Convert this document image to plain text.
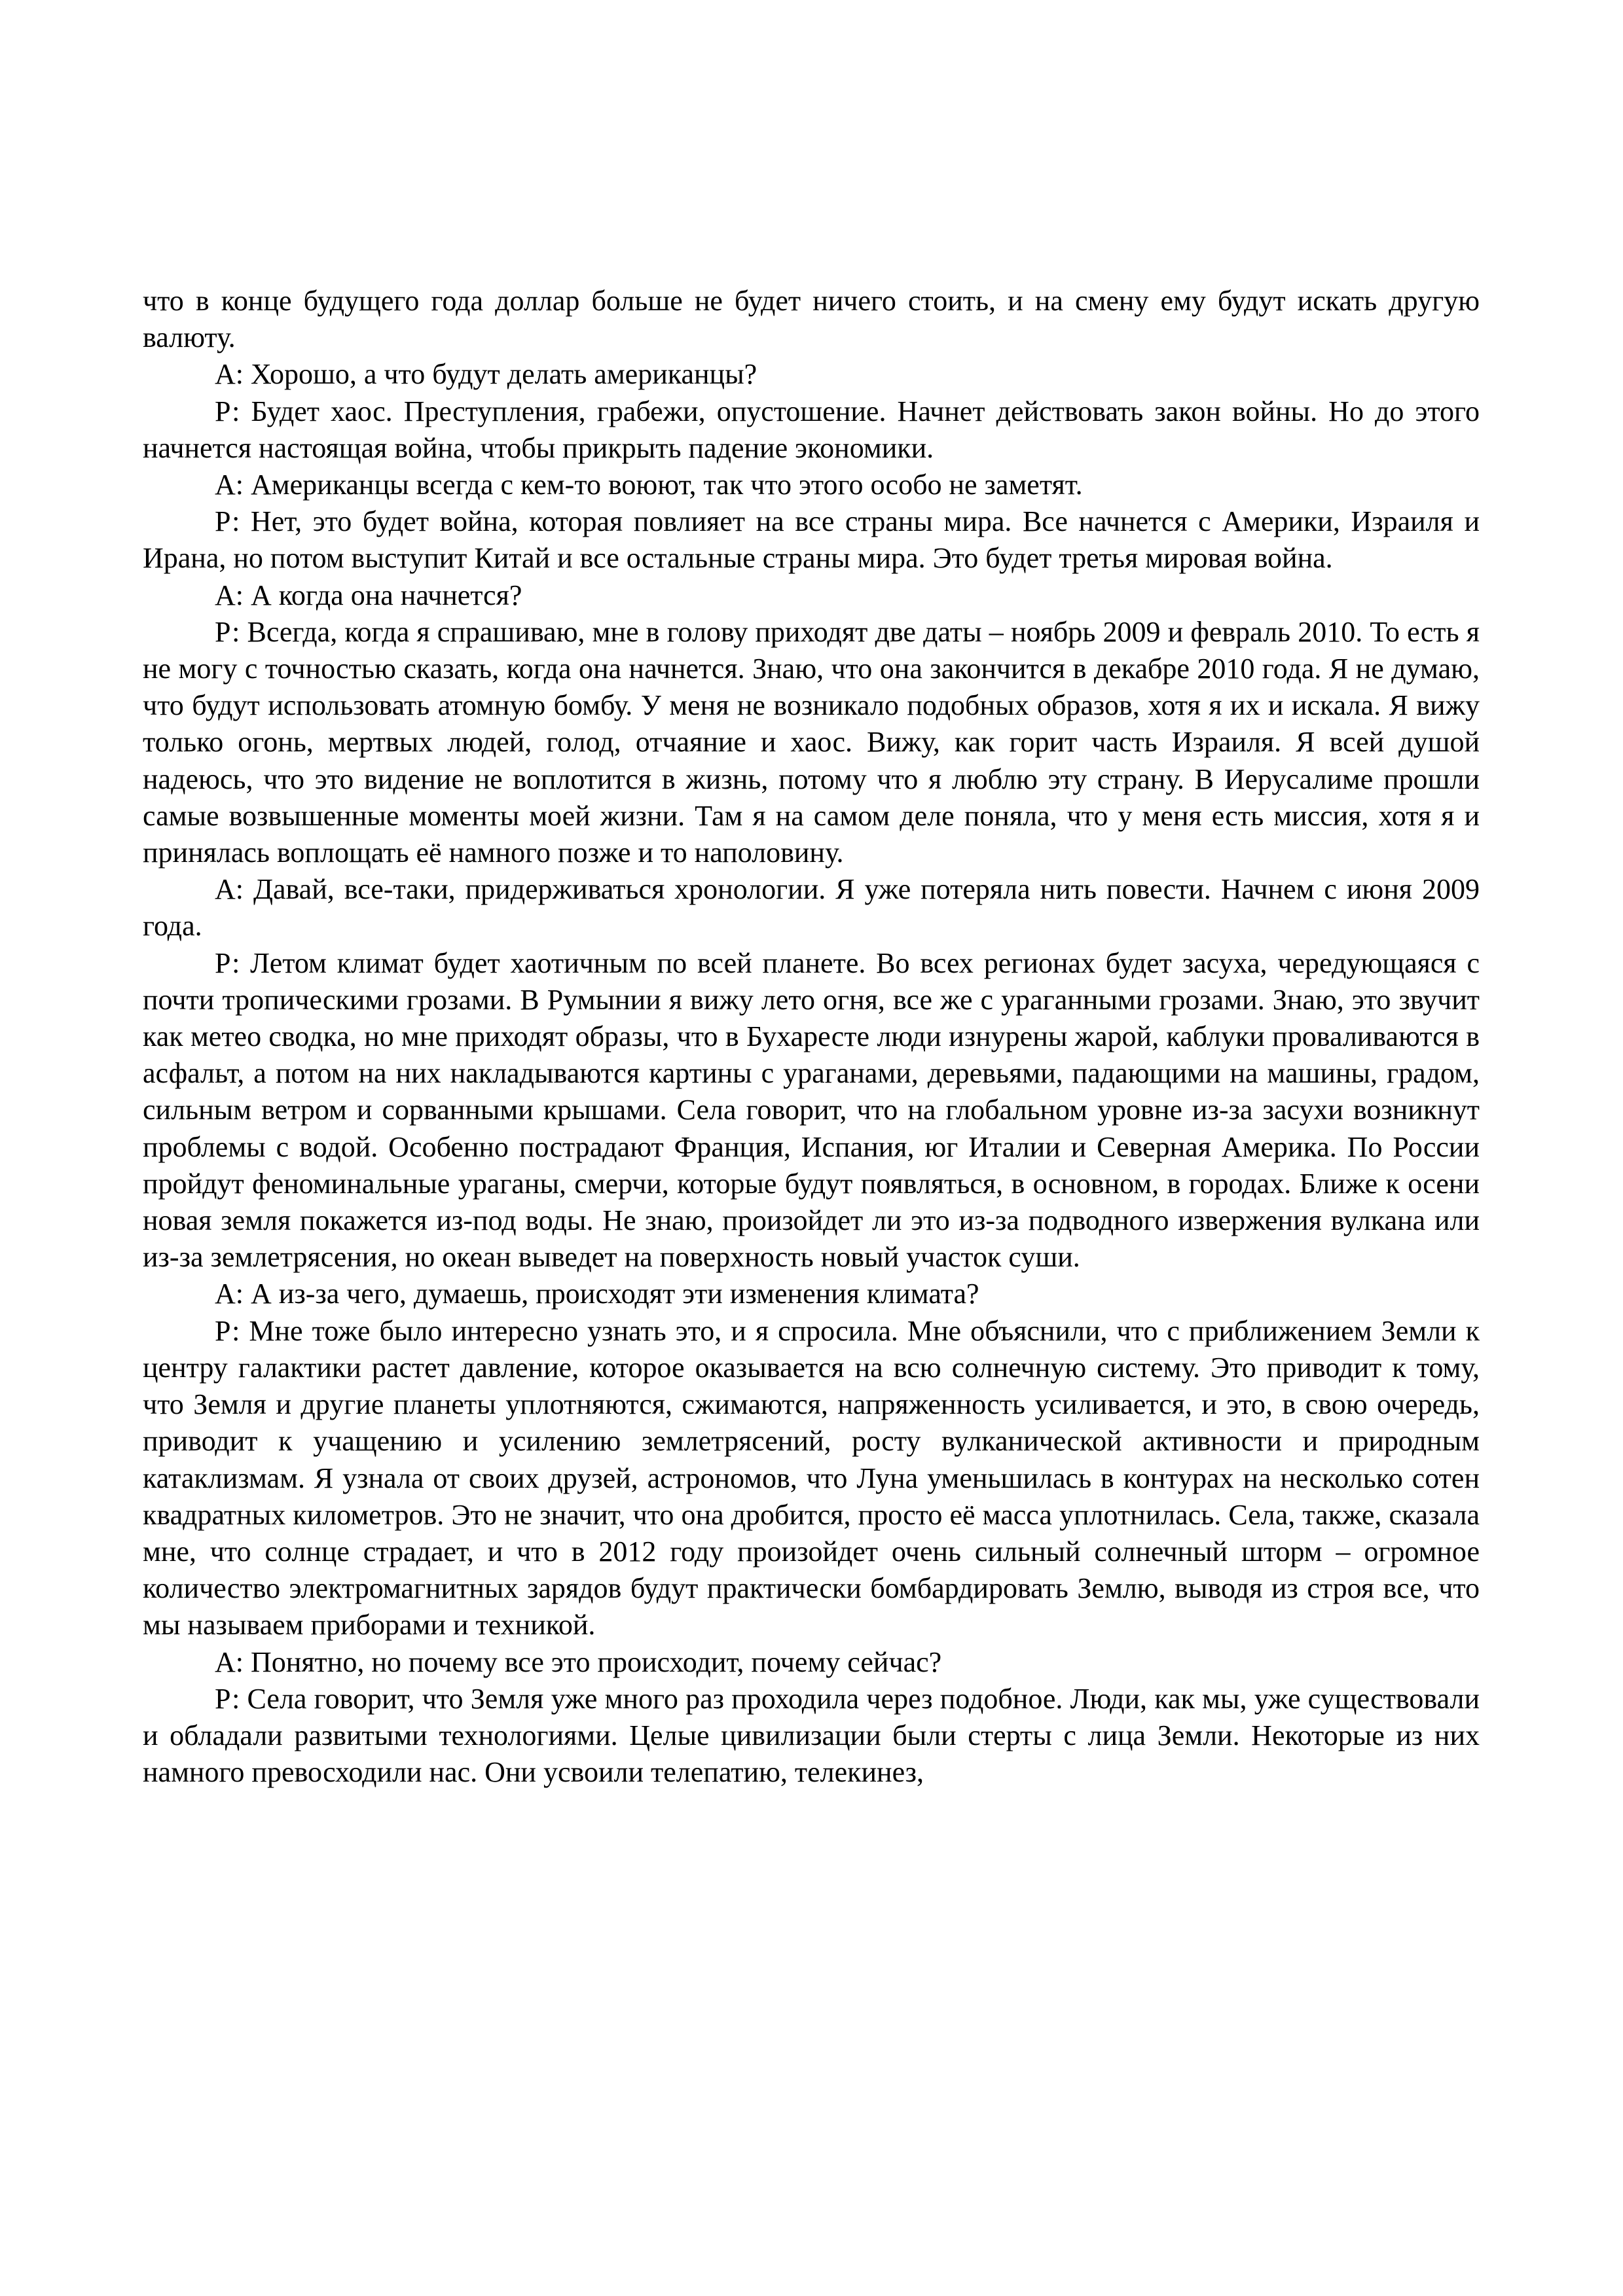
что в конце будущего года доллар больше не будет ничего стоить, и на смену ему будут искать другую валюту.

А: Хорошо, а что будут делать американцы?

Р: Будет хаос. Преступления, грабежи, опустошение. Начнет действовать закон войны. Но до этого начнется настоящая война, чтобы прикрыть падение экономики.

А: Американцы всегда с кем-то воюют, так что этого особо не заметят.

Р: Нет, это будет война, которая повлияет на все страны мира. Все начнется с Америки, Израиля и Ирана, но потом выступит Китай и все остальные страны мира. Это будет третья мировая война.

А: А когда она начнется?

Р: Всегда, когда я спрашиваю, мне в голову приходят две даты – ноябрь 2009 и февраль 2010. То есть я не могу с точностью сказать, когда она начнется. Знаю, что она закончится в декабре 2010 года. Я не думаю, что будут использовать атомную бомбу. У меня не возникало подобных образов, хотя я их и искала. Я вижу только огонь, мертвых людей, голод, отчаяние и хаос. Вижу, как горит часть Израиля. Я всей душой надеюсь, что это видение не воплотится в жизнь, потому что я люблю эту страну. В Иерусалиме прошли самые возвышенные моменты моей жизни. Там я на самом деле поняла, что у меня есть миссия, хотя я и принялась воплощать её намного позже и то наполовину.

А: Давай, все-таки, придерживаться хронологии. Я уже потеряла нить повести. Начнем с июня 2009 года.

Р: Летом климат будет хаотичным по всей планете. Во всех регионах будет засуха, чередующаяся с почти тропическими грозами. В Румынии я вижу лето огня, все же с ураганными грозами. Знаю, это звучит как метео сводка, но мне приходят образы, что в Бухаресте люди изнурены жарой, каблуки проваливаются в асфальт, а потом на них накладываются картины с ураганами, деревьями, падающими на машины, градом, сильным ветром и сорванными крышами. Села говорит, что на глобальном уровне из-за засухи возникнут проблемы с водой. Особенно пострадают Франция, Испания, юг Италии и Северная Америка. По России пройдут феноминальные ураганы, смерчи, которые будут появляться, в основном, в городах. Ближе к осени новая земля покажется из-под воды. Не знаю, произойдет ли это из-за подводного извержения вулкана или из-за землетрясения, но океан выведет на поверхность новый участок суши.

А: А из-за чего, думаешь, происходят эти изменения климата?

Р: Мне тоже было интересно узнать это, и я спросила. Мне объяснили, что с приближением Земли к центру галактики растет давление, которое оказывается на всю солнечную систему. Это приводит к тому, что Земля и другие планеты уплотняются, сжимаются, напряженность усиливается, и это, в свою очередь, приводит к учащению и усилению землетрясений, росту вулканической активности и природным катаклизмам. Я узнала от своих друзей, астрономов, что Луна уменьшилась в контурах на несколько сотен квадратных километров. Это не значит, что она дробится, просто её масса уплотнилась. Села, также, сказала мне, что солнце страдает, и что в 2012 году произойдет очень сильный солнечный шторм – огромное количество электромагнитных зарядов будут практически бомбардировать Землю, выводя из строя все, что мы называем приборами и техникой.

А: Понятно, но почему все это происходит, почему сейчас?

Р: Села говорит, что Земля уже много раз проходила через подобное. Люди, как мы, уже существовали и обладали развитыми технологиями. Целые цивилизации были стерты с лица Земли. Некоторые из них намного превосходили нас. Они усвоили телепатию, телекинез,
